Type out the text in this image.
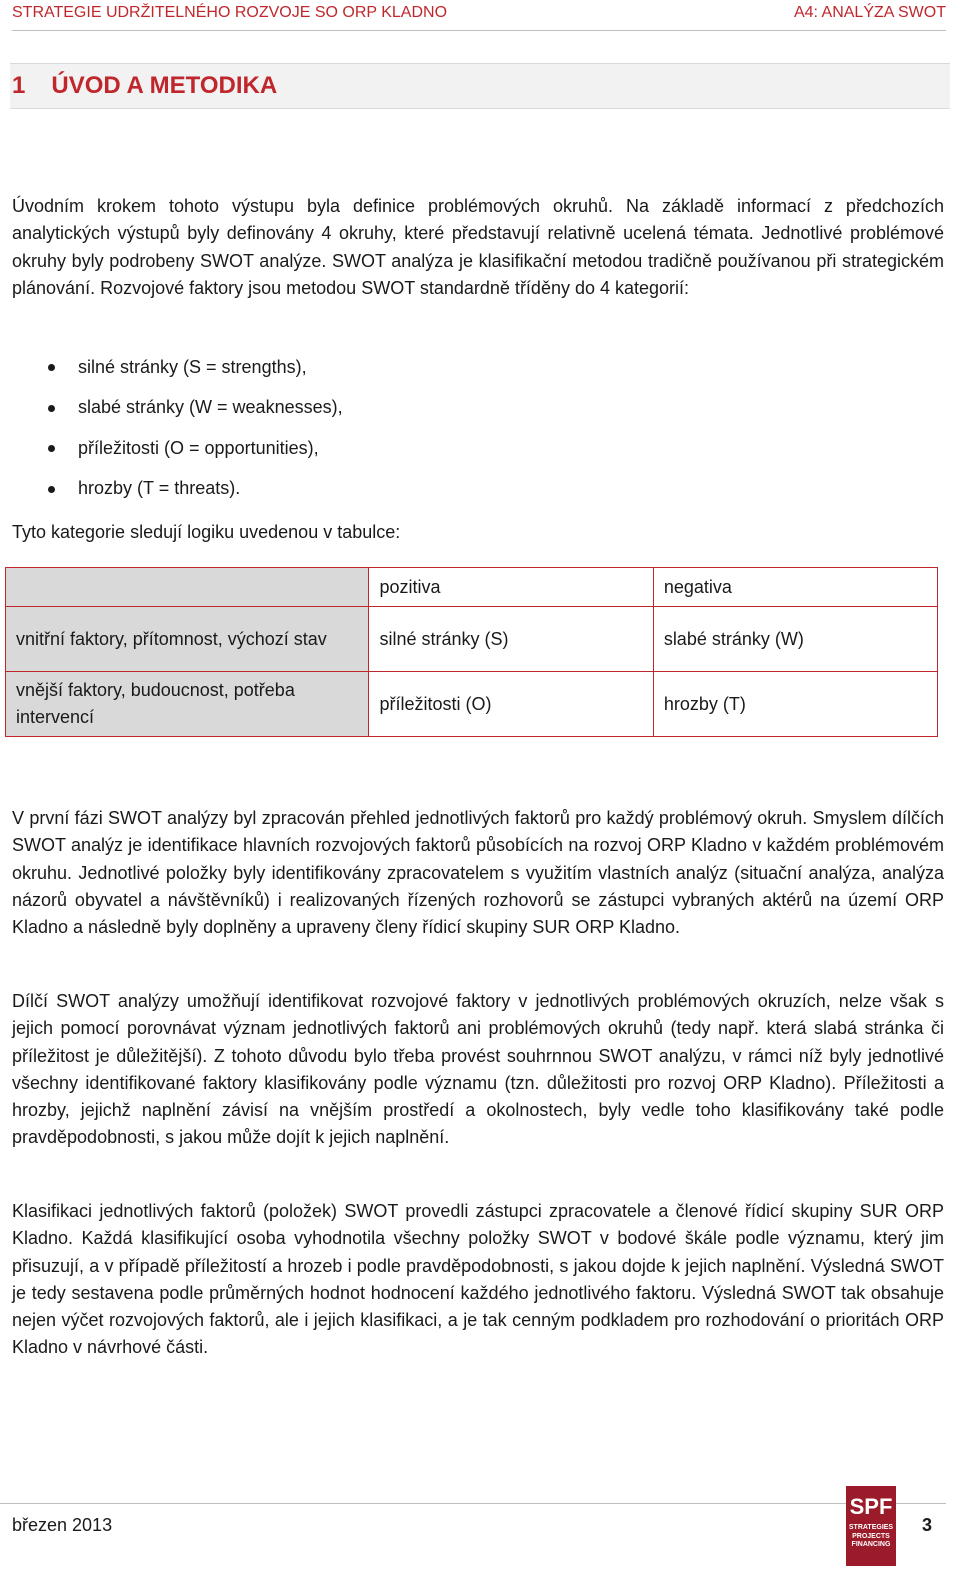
STRATEGIE UDRŽITELNÉHO ROZVOJE SO ORP KLADNO	A4: ANALÝZA SWOT
1 ÚVOD A METODIKA

Úvodním krokem tohoto výstupu byla definice problémových okruhů. Na základě informací z předchozích analytických výstupů byly definovány 4 okruhy, které představují relativně ucelená témata. Jednotlivé problémové okruhy byly podrobeny SWOT analýze. SWOT analýza je klasifikační metodou tradičně používanou při strategickém plánování. Rozvojové faktory jsou metodou SWOT standardně tříděny do 4 kategorií:

silné stránky (S = strengths),
slabé stránky (W = weaknesses),
příležitosti (O = opportunities),
hrozby (T = threats).

Tyto kategorie sledují logiku uvedenou v tabulce:

	pozitiva	negativa
vnitřní faktory, přítomnost, výchozí stav	silné stránky (S)	slabé stránky (W)
vnější faktory, budoucnost, potřeba intervencí	příležitosti (O)	hrozby (T)

V první fázi SWOT analýzy byl zpracován přehled jednotlivých faktorů pro každý problémový okruh. Smyslem dílčích SWOT analýz je identifikace hlavních rozvojových faktorů působících na rozvoj ORP Kladno v každém problémovém okruhu. Jednotlivé položky byly identifikovány zpracovatelem s využitím vlastních analýz (situační analýza, analýza názorů obyvatel a návštěvníků) i realizovaných řízených rozhovorů se zástupci vybraných aktérů na území ORP Kladno a následně byly doplněny a upraveny členy řídicí skupiny SUR ORP Kladno.

Dílčí SWOT analýzy umožňují identifikovat rozvojové faktory v jednotlivých problémových okruzích, nelze však s jejich pomocí porovnávat význam jednotlivých faktorů ani problémových okruhů (tedy např. která slabá stránka či příležitost je důležitější). Z tohoto důvodu bylo třeba provést souhrnnou SWOT analýzu, v rámci níž byly jednotlivé všechny identifikované faktory klasifikovány podle významu (tzn. důležitosti pro rozvoj ORP Kladno). Příležitosti a hrozby, jejichž naplnění závisí na vnějším prostředí a okolnostech, byly vedle toho klasifikovány také podle pravděpodobnosti, s jakou může dojít k jejich naplnění.

Klasifikaci jednotlivých faktorů (položek) SWOT provedli zástupci zpracovatele a členové řídicí skupiny SUR ORP Kladno. Každá klasifikující osoba vyhodnotila všechny položky SWOT v bodové škále podle významu, který jim přisuzují, a v případě příležitostí a hrozeb i podle pravděpodobnosti, s jakou dojde k jejich naplnění. Výsledná SWOT je tedy sestavena podle průměrných hodnot hodnocení každého jednotlivého faktoru. Výsledná SWOT tak obsahuje nejen výčet rozvojových faktorů, ale i jejich klasifikaci, a je tak cenným podkladem pro rozhodování o prioritách ORP Kladno v návrhové části.

březen 2013
SPF
STRATEGIES
PROJECTS
FINANCING
3
